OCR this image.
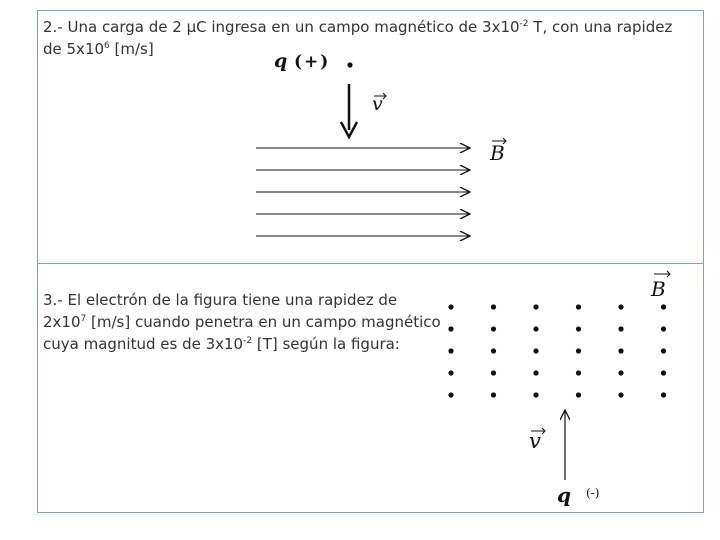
2.- Una carga de 2 μC ingresa en un campo magnético de $3x10^{-2}$ T, con una rapidez de $5x10^6$ [m/s]
3.- El electrón de la figura tiene una rapidez de $2x10^7$ [m/s] cuando penetra en un campo magnético cuya magnitud es de $3x10^{-2}$ [T] según la figura:
q (+)
v
B
B
v
q (-)
